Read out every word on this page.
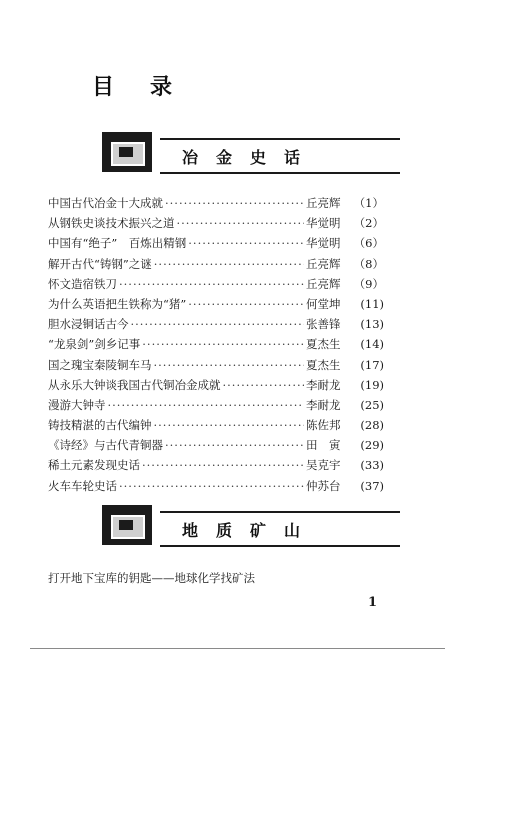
目录
冶金史话
中国古代冶金十大成就 ·····	丘亮辉	（1）
从钢铁史谈技术振兴之道 ·····	华觉明	（2）
中国有“绝子”　百炼出精钢 ·····	华觉明	（6）
解开古代“铸钢”之谜 ·····	丘亮辉	（8）
怀文造宿铁刀 ·····	丘亮辉	（9）
为什么英语把生铁称为“猪” ·····	何堂坤	(11)
胆水浸铜话古今 ·····	张善锋	(13)
“龙泉剑”剑乡记事 ·····	夏杰生	(14)
国之瑰宝秦陵铜车马 ·····	夏杰生	(17)
从永乐大钟谈我国古代铜冶金成就 ·····	李耐龙	(19)
漫游大钟寺 ·····	李耐龙	(25)
铸技精湛的古代编钟 ·····	陈佐邦	(28)
《诗经》与古代青铜器 ·····	田　寅	(29)
稀土元素发现史话 ·····	吴克宇	(33)
火车车轮史话 ·····	仲苏台	(37)
地质矿山
打开地下宝库的钥匙——地球化学找矿法
1
